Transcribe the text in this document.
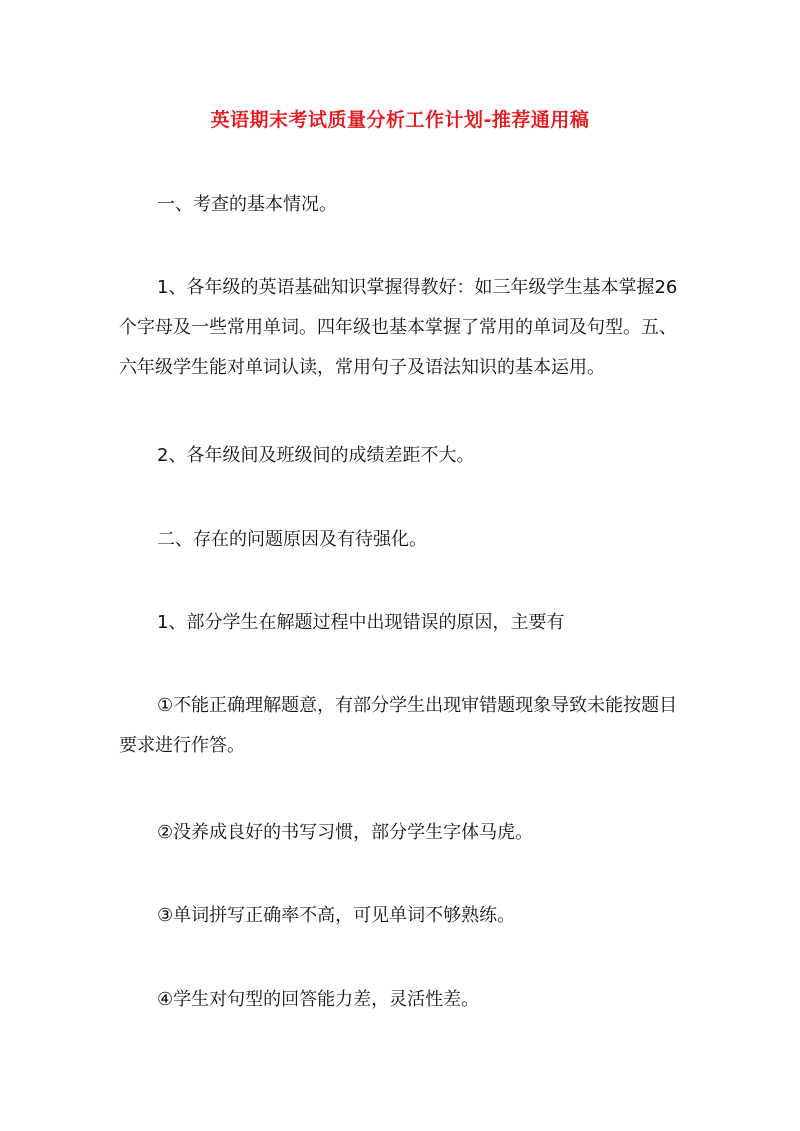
英语期末考试质量分析工作计划-推荐通用稿

一、考查的基本情况。

1、各年级的英语基础知识掌握得教好：如三年级学生基本掌握26个字母及一些常用单词。四年级也基本掌握了常用的单词及句型。五、六年级学生能对单词认读，常用句子及语法知识的基本运用。

2、各年级间及班级间的成绩差距不大。

二、存在的问题原因及有待强化。

1、部分学生在解题过程中出现错误的原因，主要有

①不能正确理解题意，有部分学生出现审错题现象导致未能按题目要求进行作答。

②没养成良好的书写习惯，部分学生字体马虎。

③单词拼写正确率不高，可见单词不够熟练。

④学生对句型的回答能力差，灵活性差。
